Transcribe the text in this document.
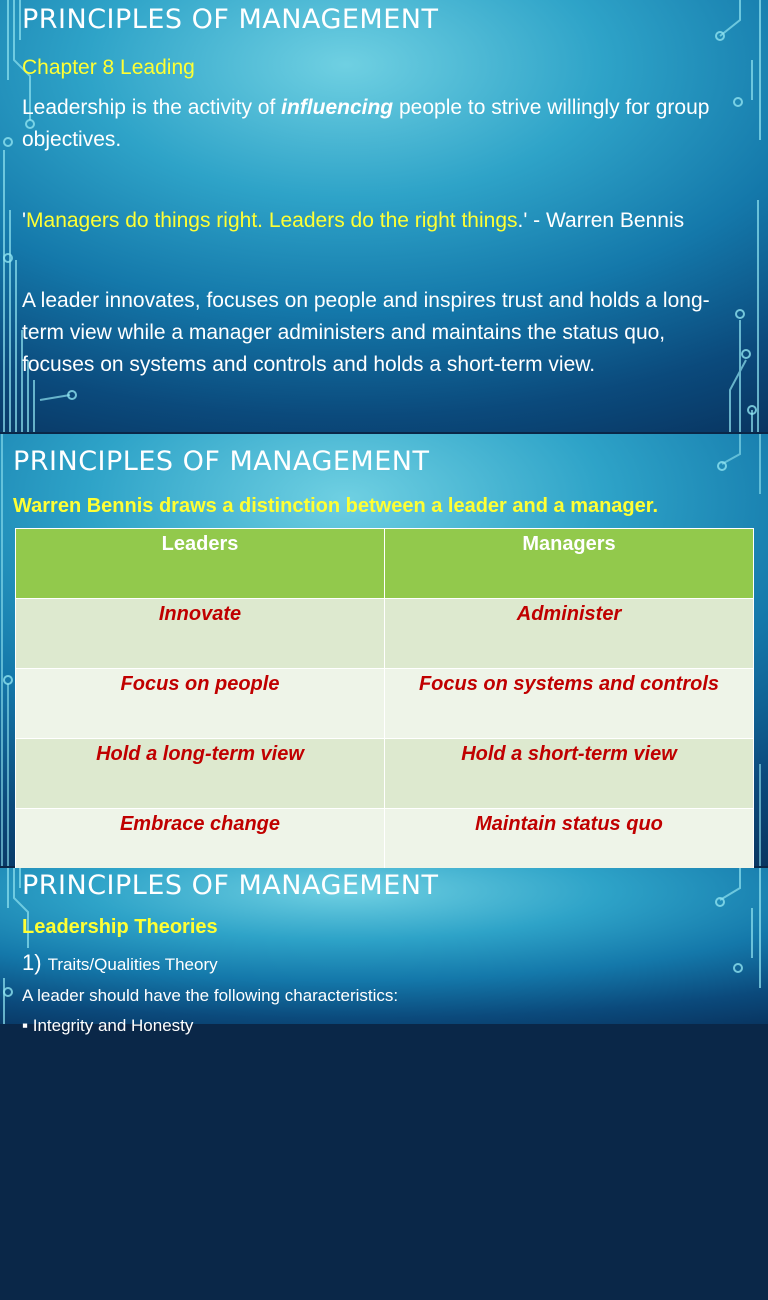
PRINCIPLES OF MANAGEMENT
Chapter 8 Leading
Leadership is the activity of influencing people to strive willingly for group objectives.
'Managers do things right. Leaders do the right things.' - Warren Bennis
A leader innovates, focuses on people and inspires trust and holds a long-term view while a manager administers and maintains the status quo, focuses on systems and controls and holds a short-term view.
PRINCIPLES OF MANAGEMENT
Warren Bennis draws a distinction between a leader and a manager.
Leaders	Managers
Innovate	Administer
Focus on people	Focus on systems and controls
Hold a long-term view	Hold a short-term view
Embrace change	Maintain status quo
PRINCIPLES OF MANAGEMENT
Leadership Theories
1) Traits/Qualities Theory
A leader should have the following characteristics:
▪ Integrity and Honesty
